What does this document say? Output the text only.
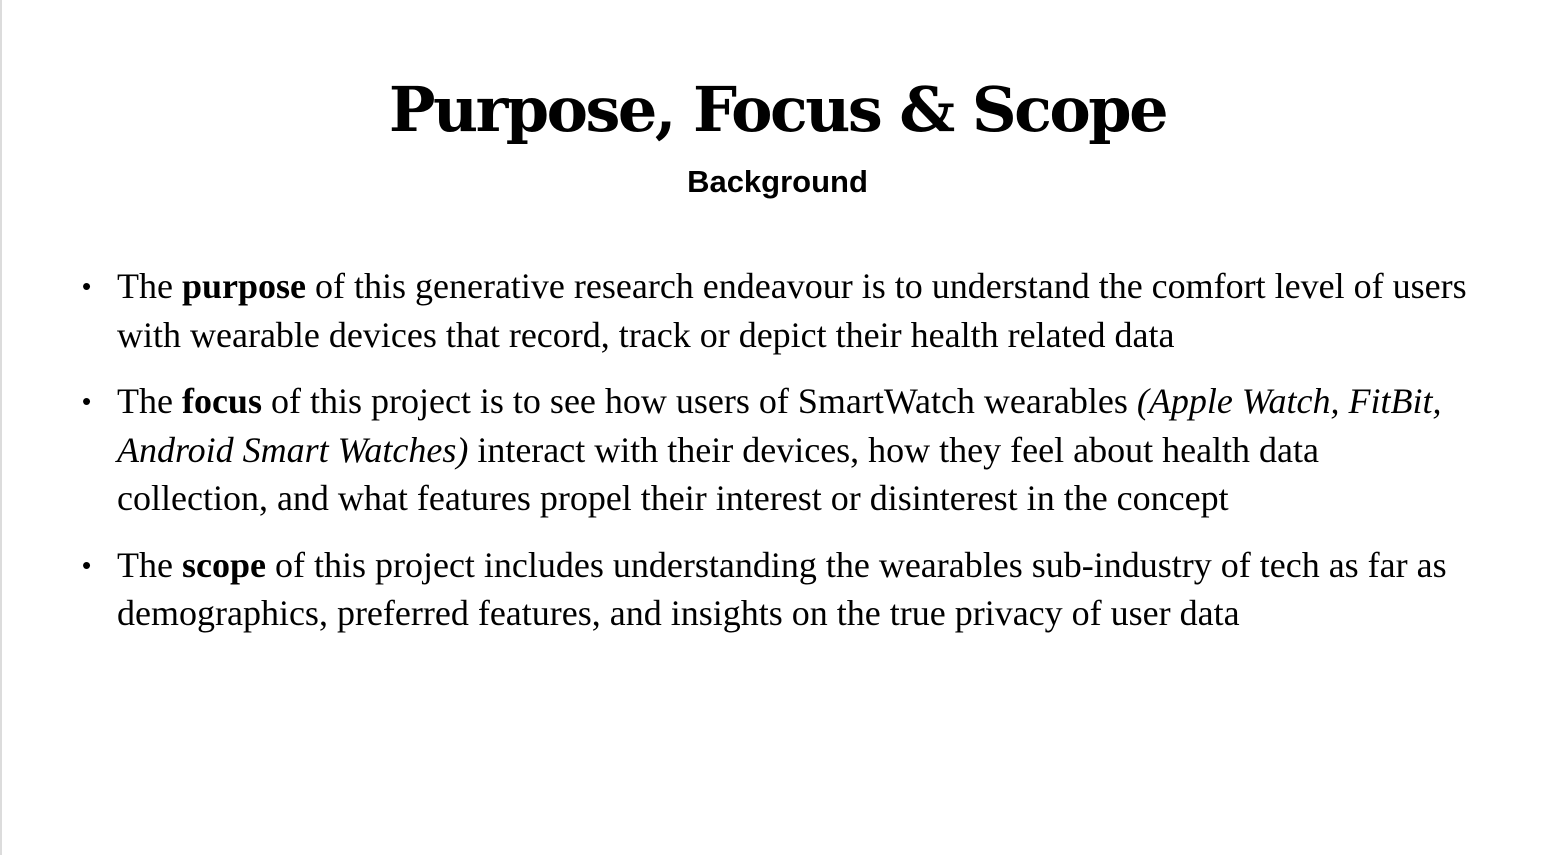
Purpose, Focus & Scope
Background
• The purpose of this generative research endeavour is to understand the comfort level of users with wearable devices that record, track or depict their health related data
• The focus of this project is to see how users of SmartWatch wearables (Apple Watch, FitBit, Android Smart Watches) interact with their devices, how they feel about health data collection, and what features propel their interest or disinterest in the concept
• The scope of this project includes understanding the wearables sub-industry of tech as far as demographics, preferred features, and insights on the true privacy of user data
